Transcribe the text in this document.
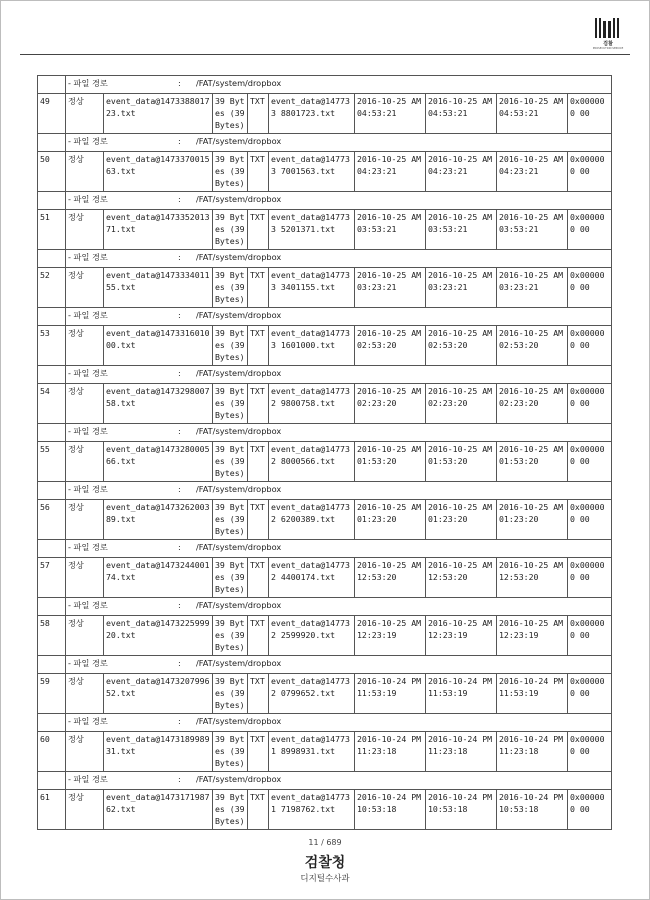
검찰
PROSECUTION SERVICE
	- 파일 경로 : /FAT/system/dropbox								
49	정상	event_data@1473388017 23.txt	39 Bytes (39 Bytes)	TXT	event_data@147733 8801723.txt	2016-10-25 AM 04:53:21	2016-10-25 AM 04:53:21	2016-10-25 AM 04:53:21	0x000000 00
	- 파일 경로 : /FAT/system/dropbox								
50	정상	event_data@1473370015 63.txt	39 Bytes (39 Bytes)	TXT	event_data@147733 7001563.txt	2016-10-25 AM 04:23:21	2016-10-25 AM 04:23:21	2016-10-25 AM 04:23:21	0x000000 00
	- 파일 경로 : /FAT/system/dropbox								
51	정상	event_data@1473352013 71.txt	39 Bytes (39 Bytes)	TXT	event_data@147733 5201371.txt	2016-10-25 AM 03:53:21	2016-10-25 AM 03:53:21	2016-10-25 AM 03:53:21	0x000000 00
	- 파일 경로 : /FAT/system/dropbox								
52	정상	event_data@1473334011 55.txt	39 Bytes (39 Bytes)	TXT	event_data@147733 3401155.txt	2016-10-25 AM 03:23:21	2016-10-25 AM 03:23:21	2016-10-25 AM 03:23:21	0x000000 00
	- 파일 경로 : /FAT/system/dropbox								
53	정상	event_data@1473316010 00.txt	39 Bytes (39 Bytes)	TXT	event_data@147733 1601000.txt	2016-10-25 AM 02:53:20	2016-10-25 AM 02:53:20	2016-10-25 AM 02:53:20	0x000000 00
	- 파일 경로 : /FAT/system/dropbox								
54	정상	event_data@1473298007 58.txt	39 Bytes (39 Bytes)	TXT	event_data@147732 9800758.txt	2016-10-25 AM 02:23:20	2016-10-25 AM 02:23:20	2016-10-25 AM 02:23:20	0x000000 00
	- 파일 경로 : /FAT/system/dropbox								
55	정상	event_data@1473280005 66.txt	39 Bytes (39 Bytes)	TXT	event_data@147732 8000566.txt	2016-10-25 AM 01:53:20	2016-10-25 AM 01:53:20	2016-10-25 AM 01:53:20	0x000000 00
	- 파일 경로 : /FAT/system/dropbox								
56	정상	event_data@1473262003 89.txt	39 Bytes (39 Bytes)	TXT	event_data@147732 6200389.txt	2016-10-25 AM 01:23:20	2016-10-25 AM 01:23:20	2016-10-25 AM 01:23:20	0x000000 00
	- 파일 경로 : /FAT/system/dropbox								
57	정상	event_data@1473244001 74.txt	39 Bytes (39 Bytes)	TXT	event_data@147732 4400174.txt	2016-10-25 AM 12:53:20	2016-10-25 AM 12:53:20	2016-10-25 AM 12:53:20	0x000000 00
	- 파일 경로 : /FAT/system/dropbox								
58	정상	event_data@1473225999 20.txt	39 Bytes (39 Bytes)	TXT	event_data@147732 2599920.txt	2016-10-25 AM 12:23:19	2016-10-25 AM 12:23:19	2016-10-25 AM 12:23:19	0x000000 00
	- 파일 경로 : /FAT/system/dropbox								
59	정상	event_data@1473207996 52.txt	39 Bytes (39 Bytes)	TXT	event_data@147732 0799652.txt	2016-10-24 PM 11:53:19	2016-10-24 PM 11:53:19	2016-10-24 PM 11:53:19	0x000000 00
	- 파일 경로 : /FAT/system/dropbox								
60	정상	event_data@1473189989 31.txt	39 Bytes (39 Bytes)	TXT	event_data@147731 8998931.txt	2016-10-24 PM 11:23:18	2016-10-24 PM 11:23:18	2016-10-24 PM 11:23:18	0x000000 00
	- 파일 경로 : /FAT/system/dropbox								
61	정상	event_data@1473171987 62.txt	39 Bytes (39 Bytes)	TXT	event_data@147731 7198762.txt	2016-10-24 PM 10:53:18	2016-10-24 PM 10:53:18	2016-10-24 PM 10:53:18	0x000000 00
11 / 689
검찰청
디지털수사과
